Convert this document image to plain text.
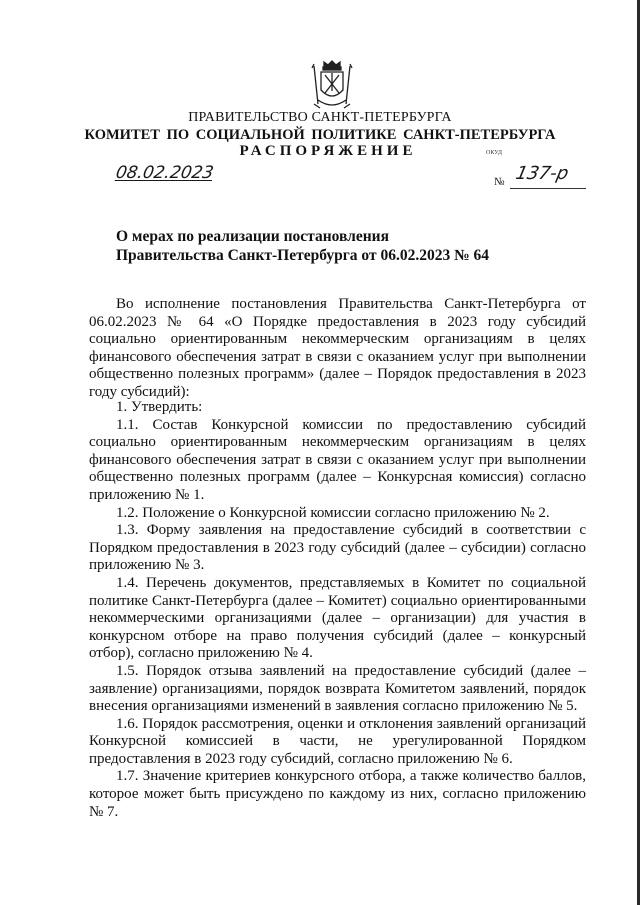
ПРАВИТЕЛЬСТВО САНКТ-ПЕТЕРБУРГА
КОМИТЕТ ПО СОЦИАЛЬНОЙ ПОЛИТИКЕ САНКТ-ПЕТЕРБУРГА
РАСПОРЯЖЕНИЕ	ОКУД
08.02.2023	№ 137-р
О мерах по реализации постановления
Правительства Санкт-Петербурга от 06.02.2023 № 64

Во исполнение постановления Правительства Санкт-Петербурга от 06.02.2023 № 64 «О Порядке предоставления в 2023 году субсидий социально ориентированным некоммерческим организациям в целях финансового обеспечения затрат в связи с оказанием услуг при выполнении общественно полезных программ» (далее – Порядок предоставления в 2023 году субсидий):

1. Утвердить:

1.1. Состав Конкурсной комиссии по предоставлению субсидий социально ориентированным некоммерческим организациям в целях финансового обеспечения затрат в связи с оказанием услуг при выполнении общественно полезных программ (далее – Конкурсная комиссия) согласно приложению № 1.

1.2. Положение о Конкурсной комиссии согласно приложению № 2.

1.3. Форму заявления на предоставление субсидий в соответствии с Порядком предоставления в 2023 году субсидий (далее – субсидии) согласно приложению № 3.

1.4. Перечень документов, представляемых в Комитет по социальной политике Санкт-Петербурга (далее – Комитет) социально ориентированными некоммерческими организациями (далее – организации) для участия в конкурсном отборе на право получения субсидий (далее – конкурсный отбор), согласно приложению № 4.

1.5. Порядок отзыва заявлений на предоставление субсидий (далее – заявление) организациями, порядок возврата Комитетом заявлений, порядок внесения организациями изменений в заявления согласно приложению № 5.

1.6. Порядок рассмотрения, оценки и отклонения заявлений организаций Конкурсной комиссией в части, не урегулированной Порядком предоставления в 2023 году субсидий, согласно приложению № 6.

1.7. Значение критериев конкурсного отбора, а также количество баллов, которое может быть присуждено по каждому из них, согласно приложению № 7.
